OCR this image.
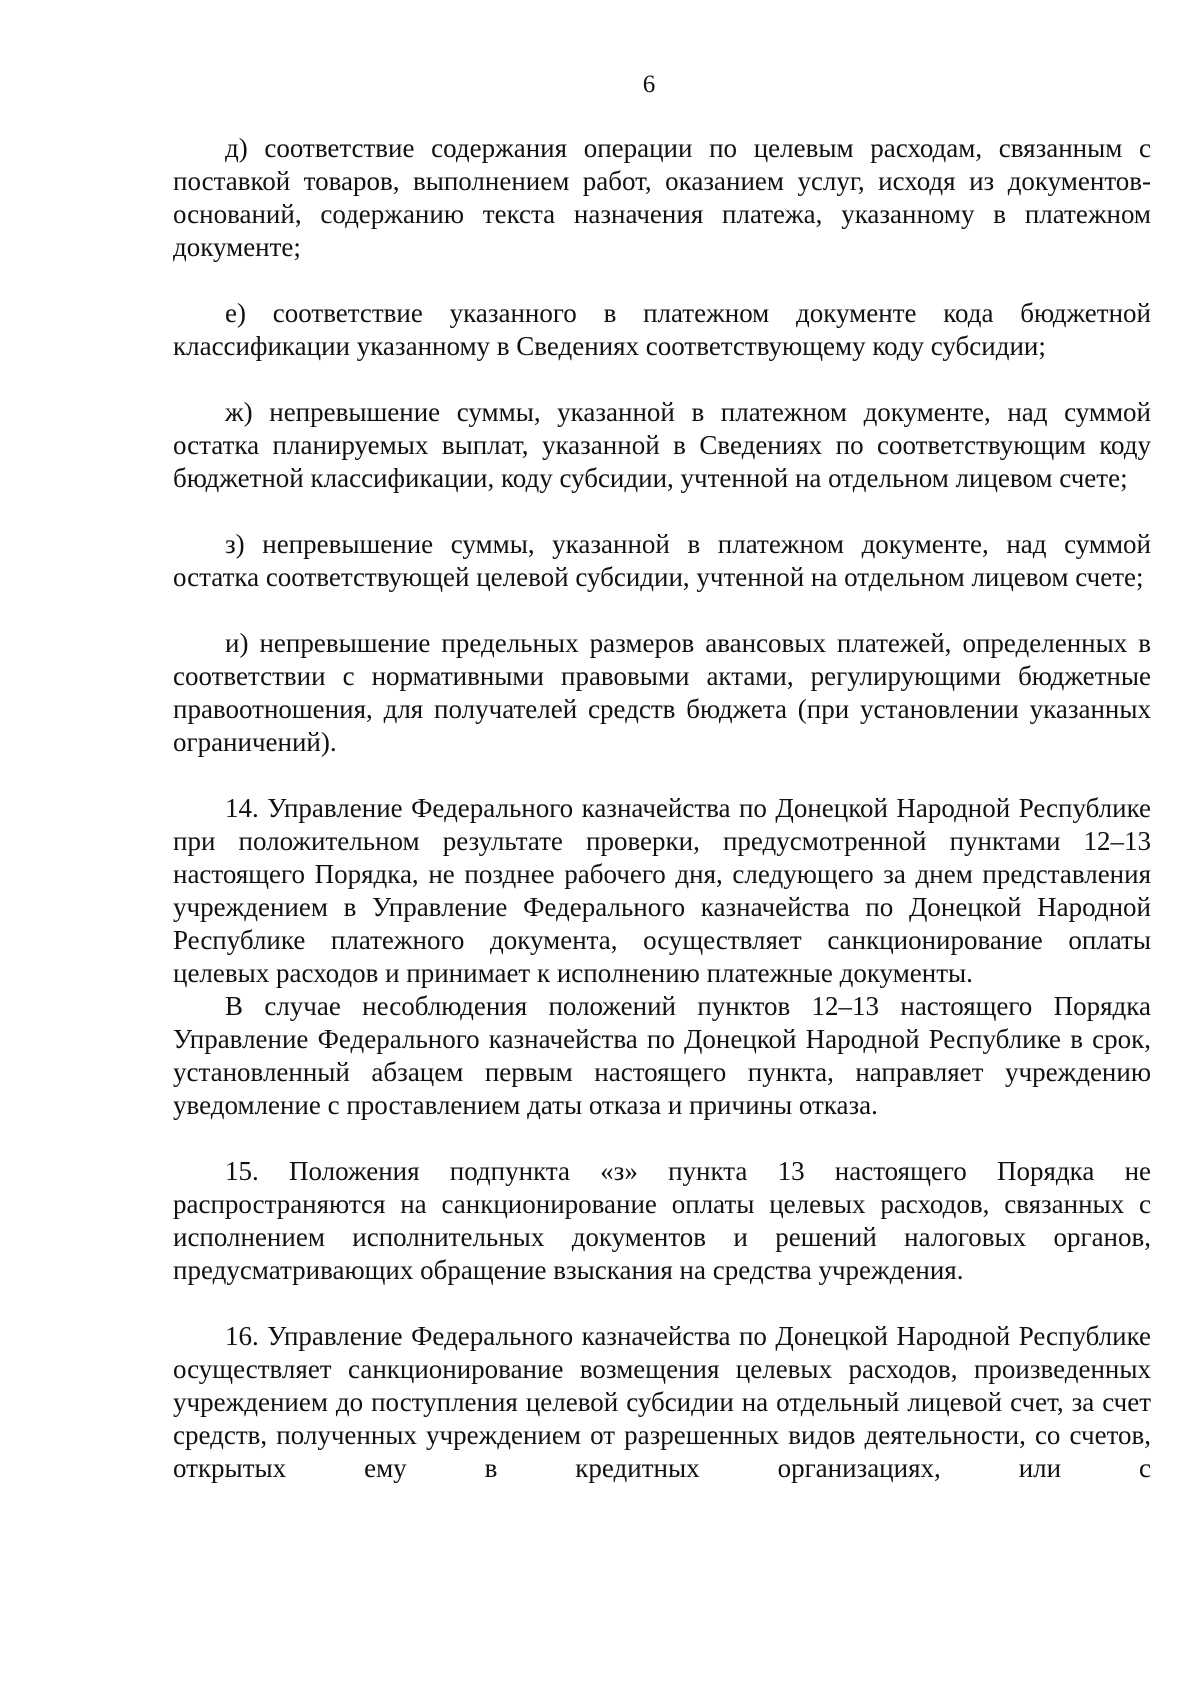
6

д) соответствие содержания операции по целевым расходам, связанным с поставкой товаров, выполнением работ, оказанием услуг, исходя из документов-оснований, содержанию текста назначения платежа, указанному в платежном документе;

е) соответствие указанного в платежном документе кода бюджетной классификации указанному в Сведениях соответствующему коду субсидии;

ж) непревышение суммы, указанной в платежном документе, над суммой остатка планируемых выплат, указанной в Сведениях по соответствующим коду бюджетной классификации, коду субсидии, учтенной на отдельном лицевом счете;

з) непревышение суммы, указанной в платежном документе, над суммой остатка соответствующей целевой субсидии, учтенной на отдельном лицевом счете;

и) непревышение предельных размеров авансовых платежей, определенных в соответствии с нормативными правовыми актами, регулирующими бюджетные правоотношения, для получателей средств бюджета (при установлении указанных ограничений).

14. Управление Федерального казначейства по Донецкой Народной Республике при положительном результате проверки, предусмотренной пунктами 12–13 настоящего Порядка, не позднее рабочего дня, следующего за днем представления учреждением в Управление Федерального казначейства по Донецкой Народной Республике платежного документа, осуществляет санкционирование оплаты целевых расходов и принимает к исполнению платежные документы.

В случае несоблюдения положений пунктов 12–13 настоящего Порядка Управление Федерального казначейства по Донецкой Народной Республике в срок, установленный абзацем первым настоящего пункта, направляет учреждению уведомление с проставлением даты отказа и причины отказа.

15. Положения подпункта «з» пункта 13 настоящего Порядка не распространяются на санкционирование оплаты целевых расходов, связанных с исполнением исполнительных документов и решений налоговых органов, предусматривающих обращение взыскания на средства учреждения.

16. Управление Федерального казначейства по Донецкой Народной Республике осуществляет санкционирование возмещения целевых расходов, произведенных учреждением до поступления целевой субсидии на отдельный лицевой счет, за счет средств, полученных учреждением от разрешенных видов деятельности, со счетов, открытых ему в кредитных организациях, или с
